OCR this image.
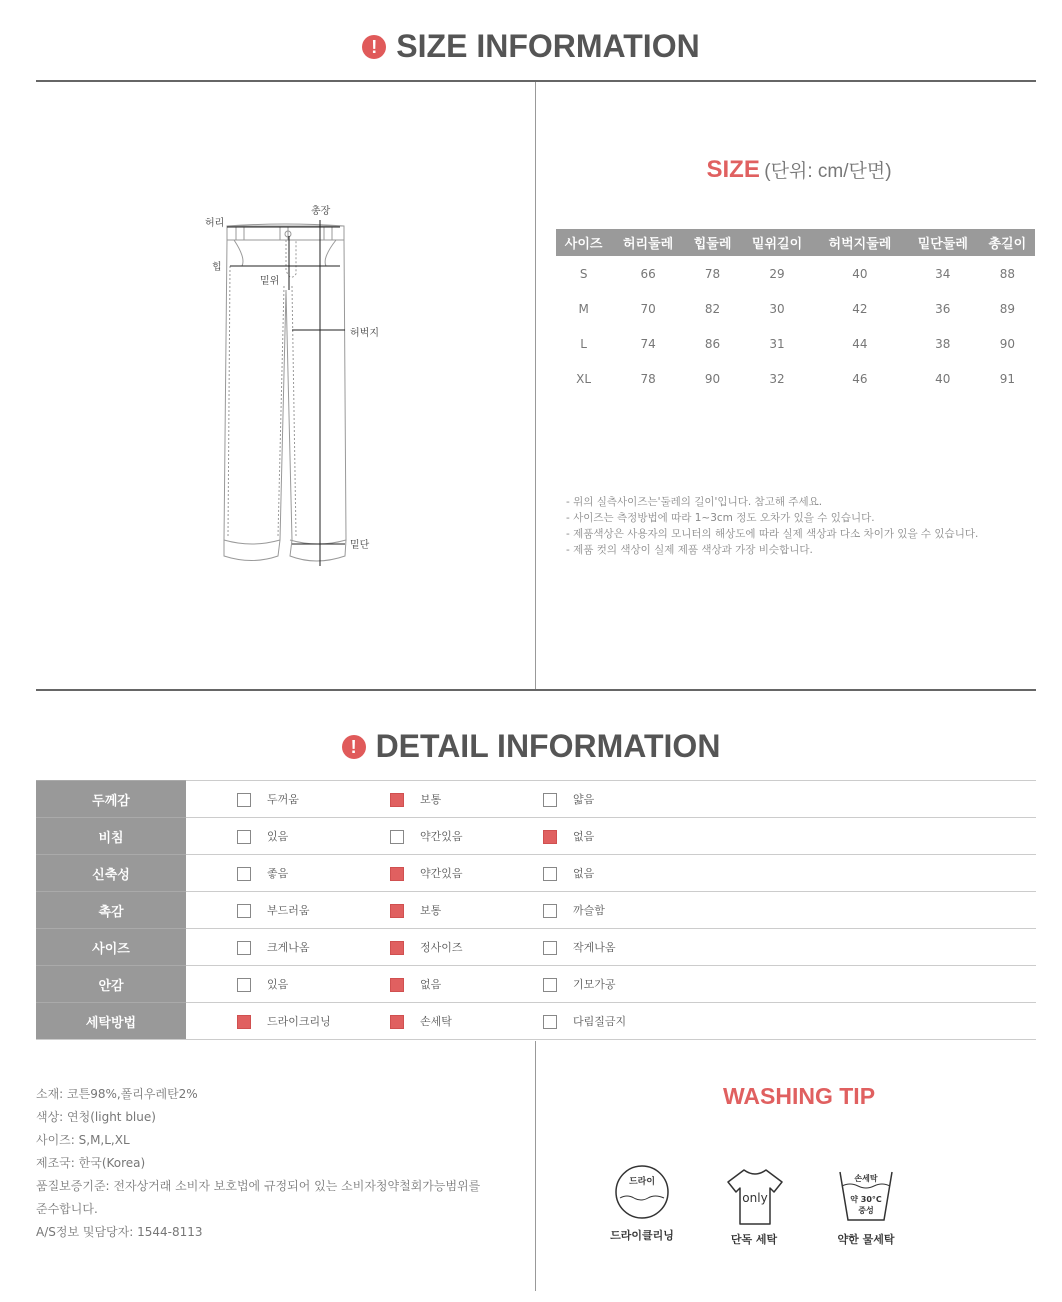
! SIZE INFORMATION
허리
총장
힙
밑위
허벅지
밑단
SIZE (단위: cm/단면)
사이즈	허리둘레	힙둘레	밑위길이	허벅지둘레	밑단둘레	총길이
S	66	78	29	40	34	88
M	70	82	30	42	36	89
L	74	86	31	44	38	90
XL	78	90	32	46	40	91
- 위의 실측사이즈는'둘레의 길이'입니다. 참고해 주세요.
- 사이즈는 측정방법에 따라 1~3cm 정도 오차가 있을 수 있습니다.
- 제품색상은 사용자의 모니터의 해상도에 따라 실제 색상과 다소 차이가 있을 수 있습니다.
- 제품 컷의 색상이 실제 제품 색상과 가장 비슷합니다.
! DETAIL INFORMATION
두께감	두꺼움 보통 얇음
비침	있음 약간있음 없음
신축성	좋음 약간있음 없음
촉감	부드러움 보통 까슬함
사이즈	크게나옴 정사이즈 작게나옴
안감	있음 없음 기모가공
세탁방법	드라이크리닝 손세탁 다림질금지
소재: 코튼98%,폴리우레탄2%
색상: 연청(light blue)
사이즈: S,M,L,XL
제조국: 한국(Korea)
품질보증기준: 전자상거래 소비자 보호법에 규정되어 있는 소비자청약철회가능범위를
준수합니다.
A/S정보 및담당자: 1544-8113
WASHING TIP
드라이
드라이클리닝
only
단독 세탁
손세탁
약 30°C
중성
약한 물세탁
